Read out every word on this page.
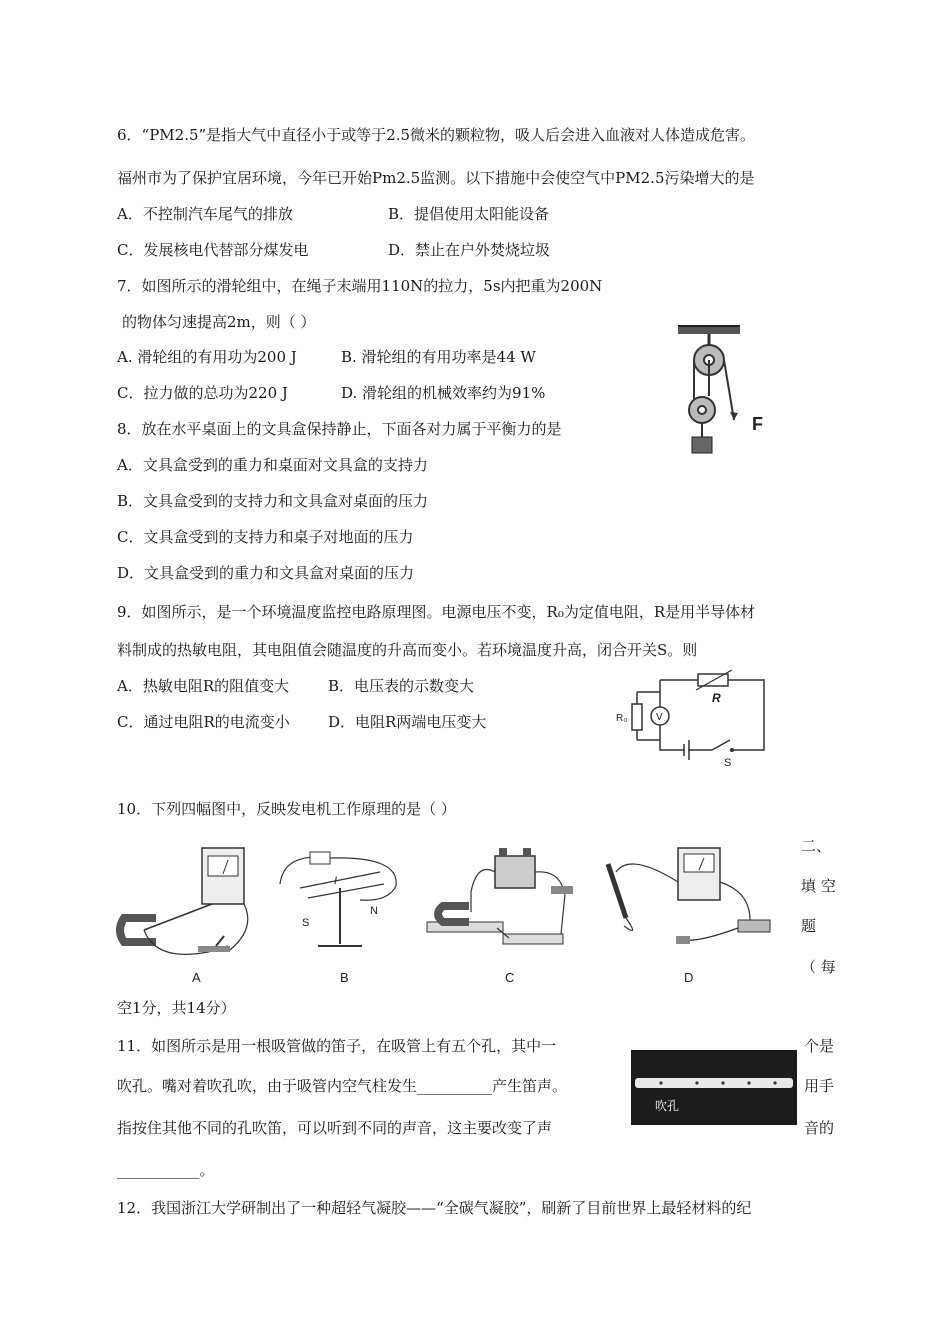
6．“PM2.5”是指大气中直径小于或等于2.5微米的颗粒物，吸人后会进入血液对人体造成危害。
福州市为了保护宜居环境，今年已开始Pm2.5监测。以下措施中会使空气中PM2.5污染增大的是
A．不控制汽车尾气的排放	B．提倡使用太阳能设备
C．发展核电代替部分煤发电	D．禁止在户外焚烧垃圾
7．如图所示的滑轮组中，在绳子末端用110N的拉力，5s内把重为200N
的物体匀速提高2m，则（ ）
A. 滑轮组的有用功为200 J	B. 滑轮组的有用功率是44 W
C．拉力做的总功为220 J	D. 滑轮组的机械效率约为91%
F
8．放在水平桌面上的文具盒保持静止，下面各对力属于平衡力的是
A．文具盒受到的重力和桌面对文具盒的支持力
B．文具盒受到的支持力和文具盒对桌面的压力
C．文具盒受到的支持力和桌子对地面的压力
D．文具盒受到的重力和文具盒对桌面的压力
9．如图所示，是一个环境温度监控电路原理图。电源电压不变，R₀为定值电阻，R是用半导体材
料制成的热敏电阻，其电阻值会随温度的升高而变小。若环境温度升高，闭合开关S。则
A．热敏电阻R的阻值变大	B．电压表的示数变大
C．通过电阻R的电流变小	D．电阻R两端电压变大
R
R₀	V
S
10．下列四幅图中，反映发电机工作原理的是（ ）
A
I
S
N
B	C	D
二、
填 空
题
（ 每
空1分，共14分）
11．如图所示是用一根吸管做的笛子，在吸管上有五个孔，其中一	个是
吹孔。嘴对着吹孔吹，由于吸管内空气柱发生__________产生笛声。	用手
指按住其他不同的孔吹笛，可以听到不同的声音，这主要改变了声	音的
___________。
吹孔
12．我国浙江大学研制出了一种超轻气凝胶——“全碳气凝胶”，刷新了目前世界上最轻材料的纪
